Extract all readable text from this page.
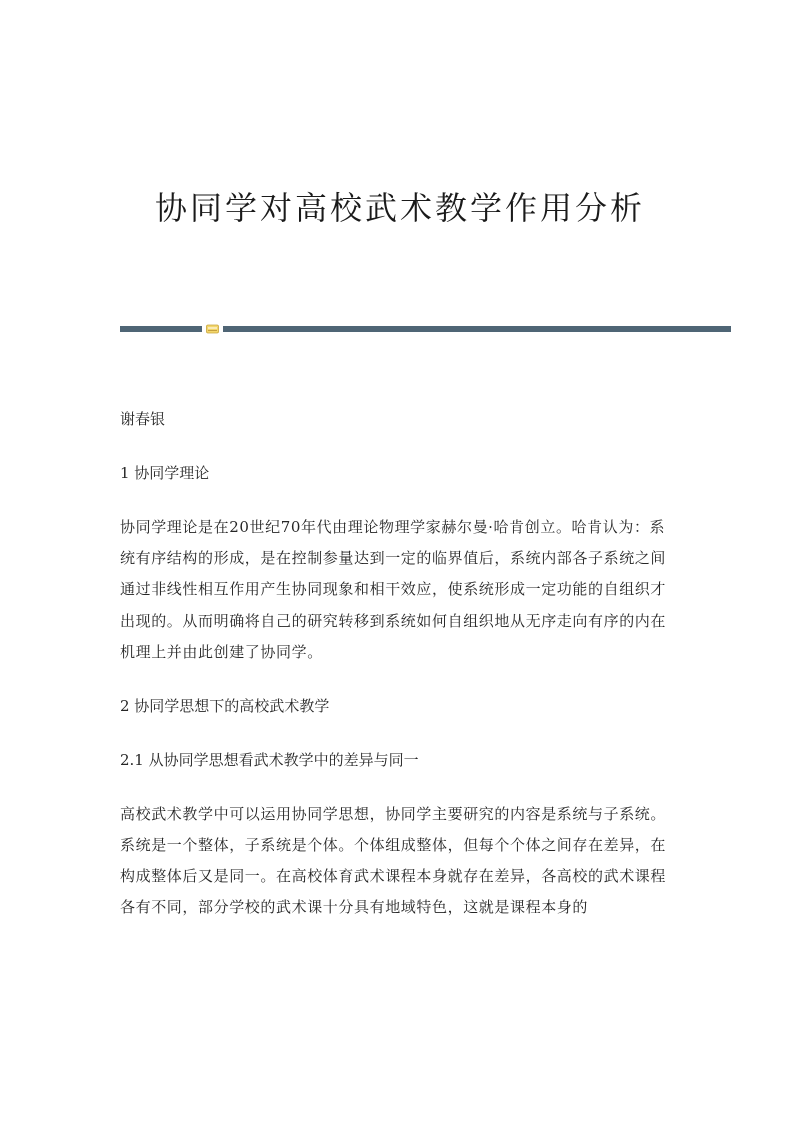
协同学对高校武术教学作用分析

谢春银

1 协同学理论

协同学理论是在20世纪70年代由理论物理学家赫尔曼·哈肯创立。哈肯认为：系统有序结构的形成，是在控制参量达到一定的临界值后，系统内部各子系统之间通过非线性相互作用产生协同现象和相干效应，使系统形成一定功能的自组织才出现的。从而明确将自己的研究转移到系统如何自组织地从无序走向有序的内在机理上并由此创建了协同学。

2 协同学思想下的高校武术教学

2.1 从协同学思想看武术教学中的差异与同一

高校武术教学中可以运用协同学思想，协同学主要研究的内容是系统与子系统。系统是一个整体，子系统是个体。个体组成整体，但每个个体之间存在差异，在构成整体后又是同一。在高校体育武术课程本身就存在差异，各高校的武术课程各有不同，部分学校的武术课十分具有地域特色，这就是课程本身的
